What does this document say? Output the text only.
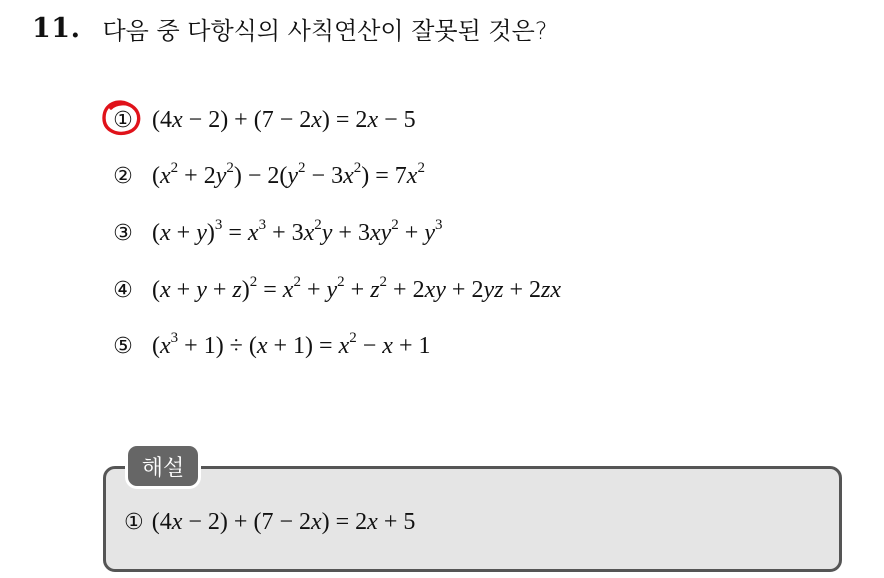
11. 다음 중 다항식의 사칙연산이 잘못된 것은?
① (4x − 2) + (7 − 2x) = 2x − 5
② $(x^2 + 2y^2) - 2(y^2 - 3x^2) = 7x^2$
③ $(x + y)^3 = x^3 + 3x^2y + 3xy^2 + y^3$
④ $(x + y + z)^2 = x^2 + y^2 + z^2 + 2xy + 2yz + 2zx$
⑤ $(x^3 + 1) \div (x + 1) = x^2 - x + 1$
해설
① (4x − 2) + (7 − 2x) = 2x + 5
